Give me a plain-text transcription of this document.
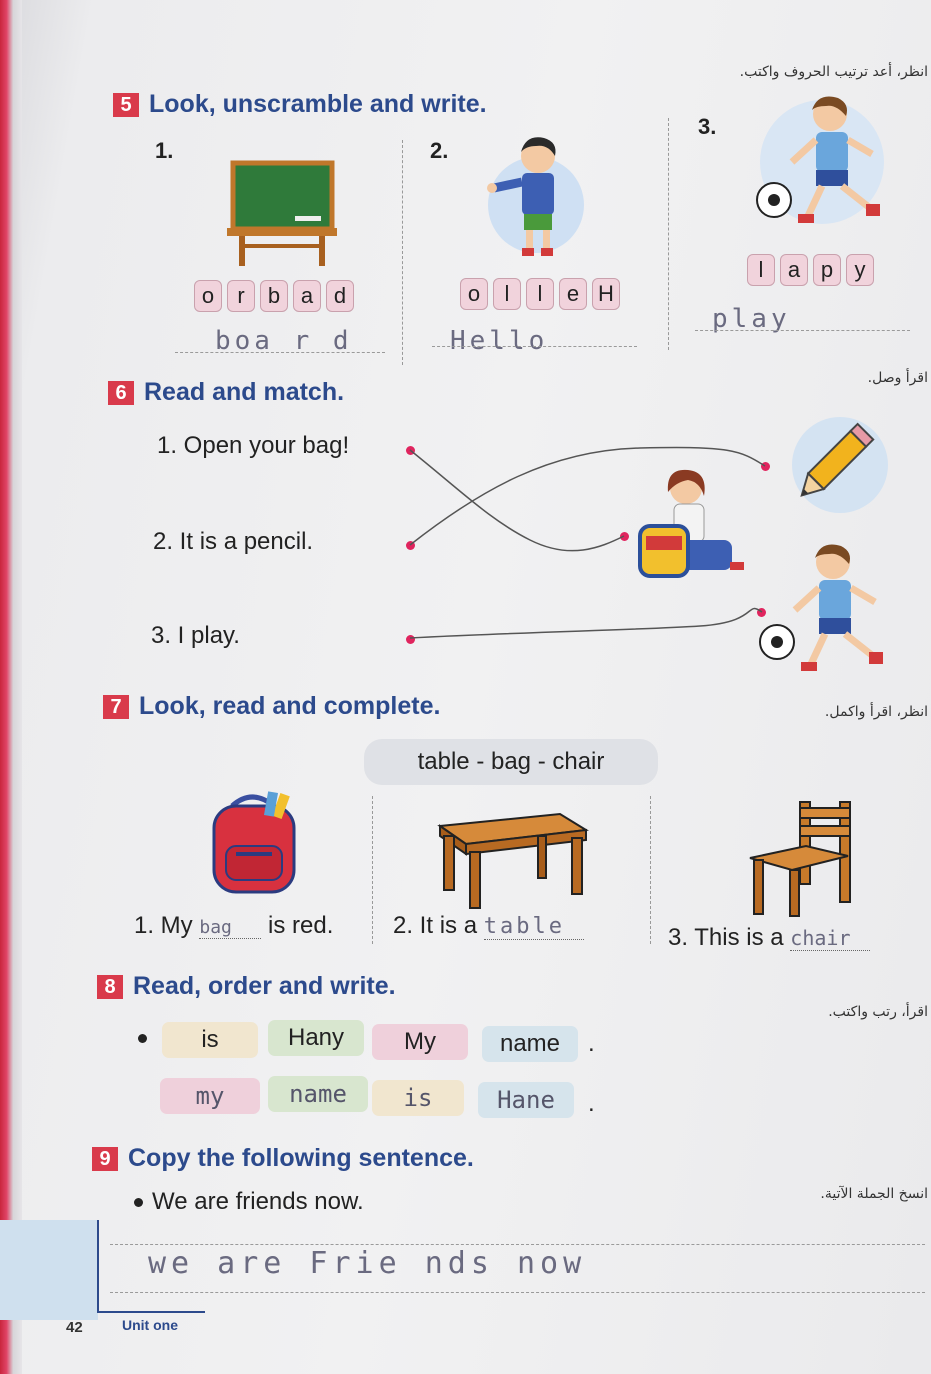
انظر، أعد ترتيب الحروف واكتب.
5 Look, unscramble and write.
1.	2.
3.
o	r	b a d	o	l	l	e H
l	a p y
boa r d	Hello
play
اقرأ وصل.
6 Read and match.
1. Open your bag!
2. It is a pencil.
3. I play.
انظر، اقرأ واكمل.
7 Look, read and complete.
table - bag - chair
1. My bag is red. 2. It is a table	3. This is a chair
اقرأ، رتب واكتب.
8 Read, order and write.
is	Hany	My	name	.
my	name	is	Hane	.
انسخ الجملة الآتية.
9 Copy the following sentence.
We are friends now.
we are Frie nds now
42	Unit one
